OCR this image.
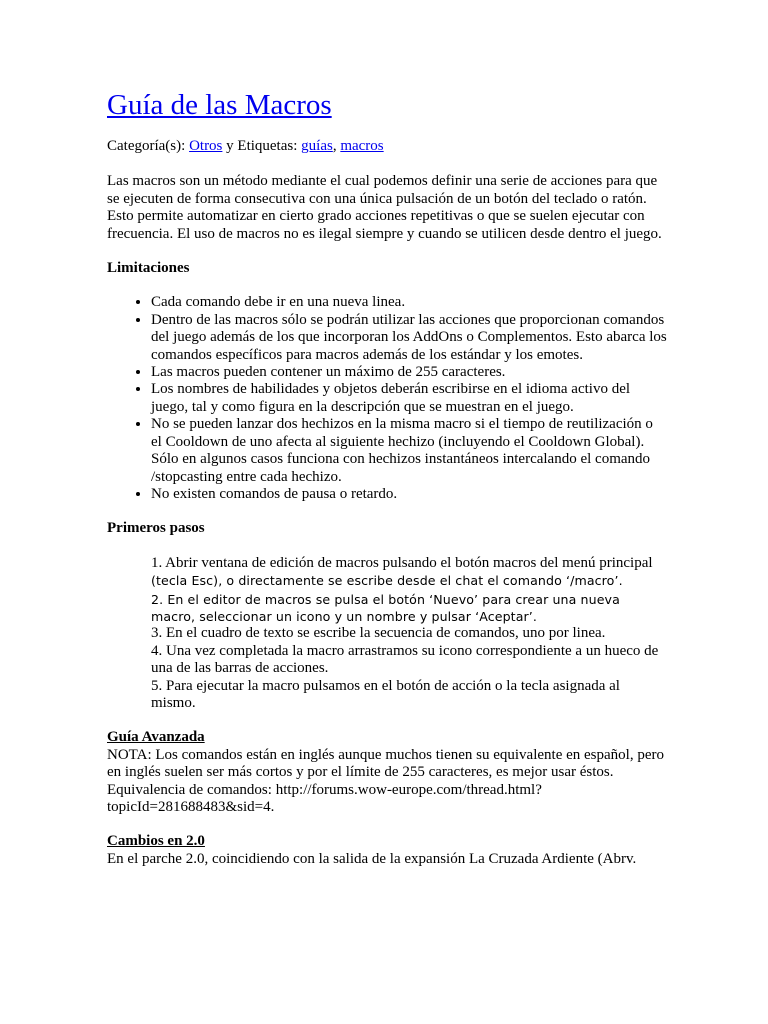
Guía de las Macros
Categoría(s): Otros y Etiquetas: guías, macros

Las macros son un método mediante el cual podemos definir una serie de acciones para que se ejecuten de forma consecutiva con una única pulsación de un botón del teclado o ratón. Esto permite automatizar en cierto grado acciones repetitivas o que se suelen ejecutar con frecuencia. El uso de macros no es ilegal siempre y cuando se utilicen desde dentro el juego.

Limitaciones

• Cada comando debe ir en una nueva linea.
• Dentro de las macros sólo se podrán utilizar las acciones que proporcionan comandos del juego además de los que incorporan los AddOns o Complementos. Esto abarca los comandos específicos para macros además de los estándar y los emotes.
• Las macros pueden contener un máximo de 255 caracteres.
• Los nombres de habilidades y objetos deberán escribirse en el idioma activo del juego, tal y como figura en la descripción que se muestran en el juego.
• No se pueden lanzar dos hechizos en la misma macro si el tiempo de reutilización o el Cooldown de uno afecta al siguiente hechizo (incluyendo el Cooldown Global). Sólo en algunos casos funciona con hechizos instantáneos intercalando el comando /stopcasting entre cada hechizo.
• No existen comandos de pausa o retardo.

Primeros pasos

1. Abrir ventana de edición de macros pulsando el botón macros del menú principal
(tecla Esc), o directamente se escribe desde el chat el comando ‘/macro’.
2. En el editor de macros se pulsa el botón ‘Nuevo’ para crear una nueva macro, seleccionar un icono y un nombre y pulsar ‘Aceptar’.
3. En el cuadro de texto se escribe la secuencia de comandos, uno por linea.
4. Una vez completada la macro arrastramos su icono correspondiente a un hueco de una de las barras de acciones.
5. Para ejecutar la macro pulsamos en el botón de acción o la tecla asignada al mismo.

Guía Avanzada

NOTA: Los comandos están en inglés aunque muchos tienen su equivalente en español, pero en inglés suelen ser más cortos y por el límite de 255 caracteres, es mejor usar éstos. Equivalencia de comandos: http://forums.wow-europe.com/thread.html?topicId=281688483&sid=4.

Cambios en 2.0

En el parche 2.0, coincidiendo con la salida de la expansión La Cruzada Ardiente (Abrv.
